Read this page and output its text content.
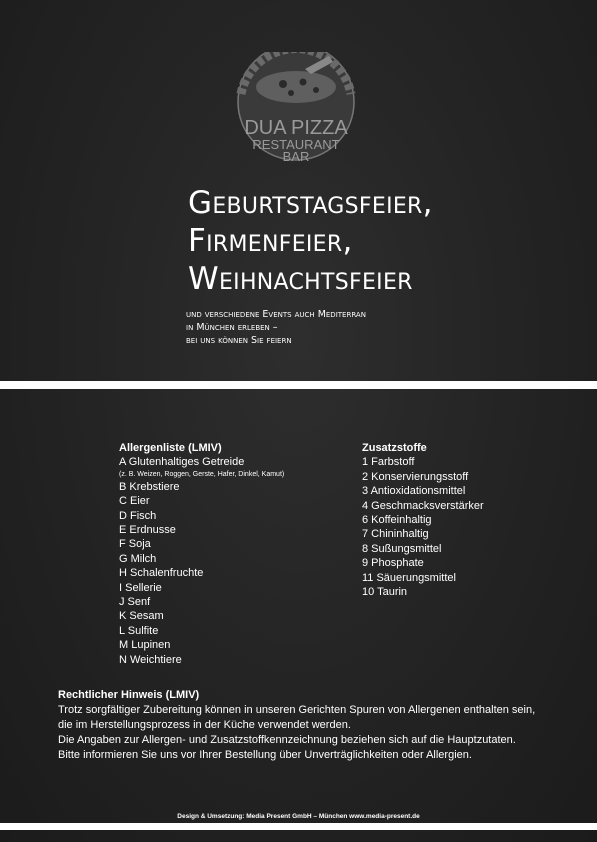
DUA PIZZA
RESTAURANT
BAR
Geburtstagsfeier,
Firmenfeier,
Weihnachtsfeier
und verschiedene Events auch Mediterran
in München erleben –
bei uns können Sie feiern
Allergenliste (LMIV)
A Glutenhaltiges Getreide
(z. B. Weizen, Roggen, Gerste, Hafer, Dinkel, Kamut)
B Krebstiere
C Eier
D Fisch
E Erdnusse
F Soja
G Milch
H Schalenfruchte
I Sellerie
J Senf
K Sesam
L Sulfite
M Lupinen
N Weichtiere
Zusatzstoffe
1 Farbstoff
2 Konservierungsstoff
3 Antioxidationsmittel
4 Geschmacksverstärker
6 Koffeinhaltig
7 Chininhaltig
8 Sußungsmittel
9 Phosphate
11 Säuerungsmittel
10 Taurin
Rechtlicher Hinweis (LMIV)
Trotz sorgfältiger Zubereitung können in unseren Gerichten Spuren von Allergenen enthalten sein,
die im Herstellungsprozess in der Küche verwendet werden.
Die Angaben zur Allergen- und Zusatzstoffkennzeichnung beziehen sich auf die Hauptzutaten.
Bitte informieren Sie uns vor Ihrer Bestellung über Unverträglichkeiten oder Allergien.
Design & Umsetzung: Media Present GmbH – München www.media-present.de
